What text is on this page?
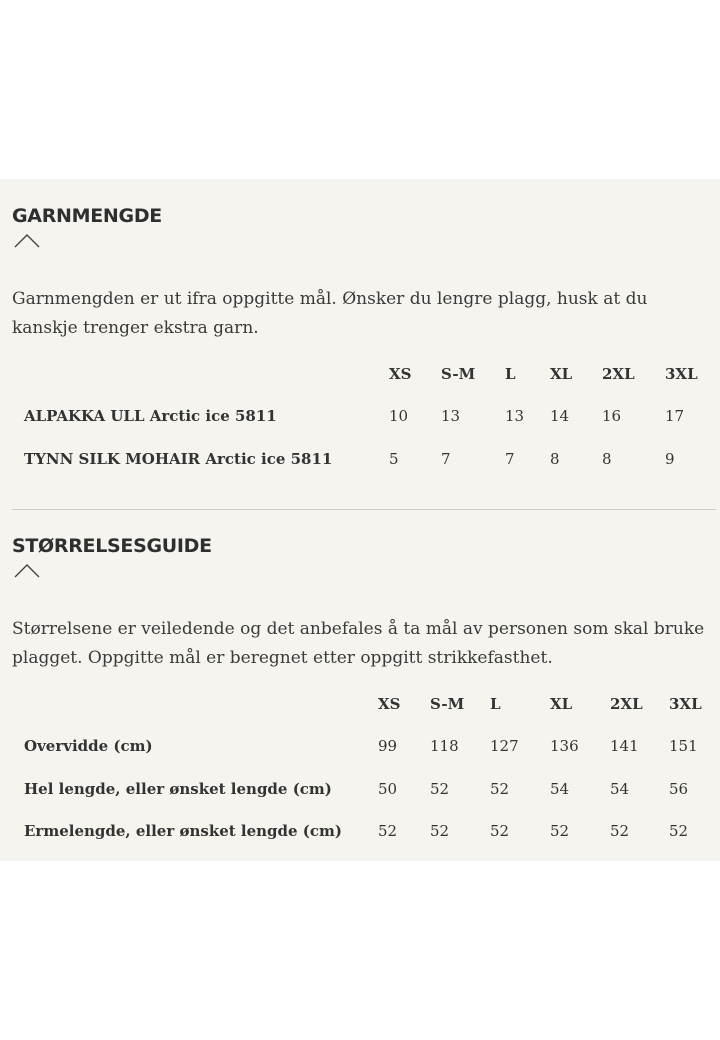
GARNMENGDE

Garnmengden er ut ifra oppgitte mål. Ønsker du lengre plagg, husk at du kanskje trenger ekstra garn.

XS S-M L XL 2XL 3XL
ALPAKKA ULL Arctic ice 5811	10 13	13 14 16	17
TYNN SILK MOHAIR Arctic ice 5811	5	7	7 8	8	9
STØRRELSESGUIDE

Størrelsene er veiledende og det anbefales å ta mål av personen som skal bruke plagget. Oppgitte mål er beregnet etter oppgitt strikkefasthet.

XS S-M L	XL	2XL 3XL
Overvidde (cm)	99 118 127 136 141 151
Hel lengde, eller ønsket lengde (cm)	50 52	52	54	54	56
Ermelengde, eller ønsket lengde (cm) 52 52	52	52	52	52
